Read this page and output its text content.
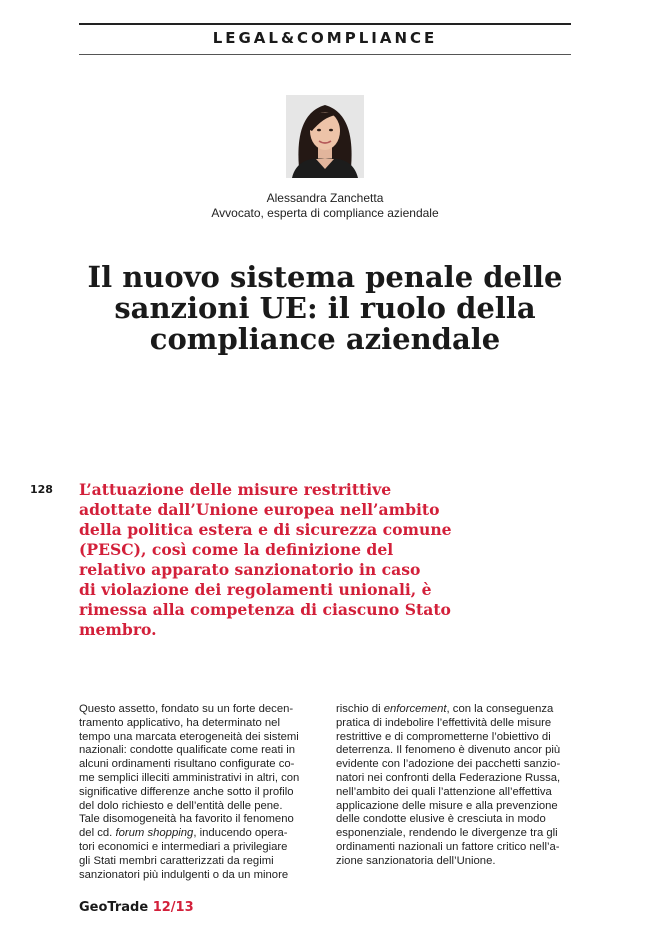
LEGAL&COMPLIANCE
Alessandra Zanchetta
Avvocato, esperta di compliance aziendale
Il nuovo sistema penale delle
sanzioni UE: il ruolo della
compliance aziendale
128 L’attuazione delle misure restrittive
adottate dall’Unione europea nell’ambito
della politica estera e di sicurezza comune
(PESC), così come la definizione del
relativo apparato sanzionatorio in caso
di violazione dei regolamenti unionali, è
rimessa alla competenza di ciascuno Stato
membro.
Questo assetto, fondato su un forte decen-
tramento applicativo, ha determinato nel
tempo una marcata eterogeneità dei sistemi
nazionali: condotte qualificate come reati in
alcuni ordinamenti risultano configurate co-
me semplici illeciti amministrativi in altri, con
significative differenze anche sotto il profilo
del dolo richiesto e dell’entità delle pene.
Tale disomogeneità ha favorito il fenomeno
del cd. forum shopping, inducendo opera-
tori economici e intermediari a privilegiare
gli Stati membri caratterizzati da regimi
sanzionatori più indulgenti o da un minore
rischio di enforcement, con la conseguenza
pratica di indebolire l’effettività delle misure
restrittive e di comprometterne l’obiettivo di
deterrenza. Il fenomeno è divenuto ancor più
evidente con l’adozione dei pacchetti sanzio-
natori nei confronti della Federazione Russa,
nell’ambito dei quali l’attenzione all’effettiva
applicazione delle misure e alla prevenzione
delle condotte elusive è cresciuta in modo
esponenziale, rendendo le divergenze tra gli
ordinamenti nazionali un fattore critico nell’a-
zione sanzionatoria dell’Unione.
GeoTrade 12/13
